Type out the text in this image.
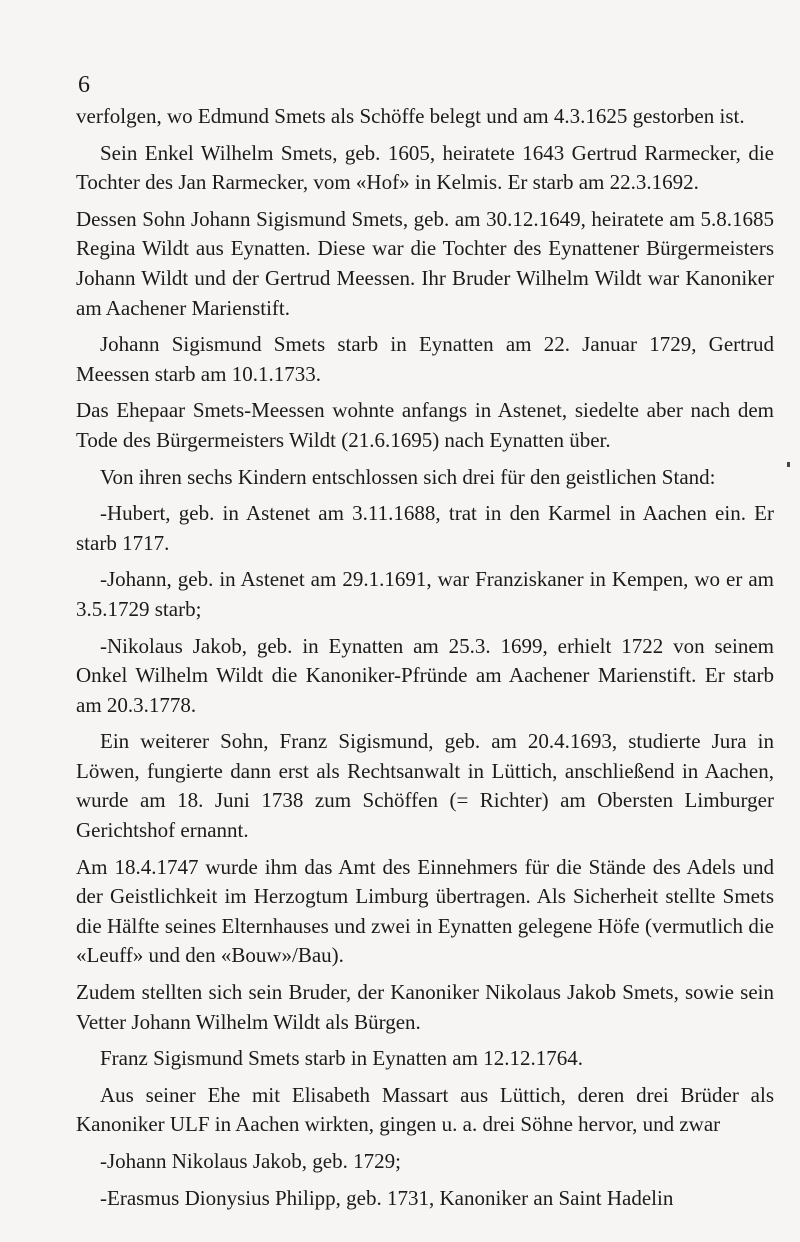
6

verfolgen, wo Edmund Smets als Schöffe belegt und am 4.3.1625 gestorben ist.

Sein Enkel Wilhelm Smets, geb. 1605, heiratete 1643 Gertrud Rarmecker, die Tochter des Jan Rarmecker, vom «Hof» in Kelmis. Er starb am 22.3.1692.

Dessen Sohn Johann Sigismund Smets, geb. am 30.12.1649, heiratete am 5.8.1685 Regina Wildt aus Eynatten. Diese war die Tochter des Eynattener Bürgermeisters Johann Wildt und der Gertrud Meessen. Ihr Bruder Wilhelm Wildt war Kanoniker am Aachener Marienstift.

Johann Sigismund Smets starb in Eynatten am 22. Januar 1729, Gertrud Meessen starb am 10.1.1733.

Das Ehepaar Smets-Meessen wohnte anfangs in Astenet, siedelte aber nach dem Tode des Bürgermeisters Wildt (21.6.1695) nach Eynatten über.

Von ihren sechs Kindern entschlossen sich drei für den geistlichen Stand:

-Hubert, geb. in Astenet am 3.11.1688, trat in den Karmel in Aachen ein. Er starb 1717.

-Johann, geb. in Astenet am 29.1.1691, war Franziskaner in Kempen, wo er am 3.5.1729 starb;

-Nikolaus Jakob, geb. in Eynatten am 25.3. 1699, erhielt 1722 von seinem Onkel Wilhelm Wildt die Kanoniker-Pfründe am Aachener Marienstift. Er starb am 20.3.1778.

Ein weiterer Sohn, Franz Sigismund, geb. am 20.4.1693, studierte Jura in Löwen, fungierte dann erst als Rechtsanwalt in Lüttich, anschließend in Aachen, wurde am 18. Juni 1738 zum Schöffen (= Richter) am Obersten Limburger Gerichtshof ernannt.

Am 18.4.1747 wurde ihm das Amt des Einnehmers für die Stände des Adels und der Geistlichkeit im Herzogtum Limburg übertragen. Als Sicherheit stellte Smets die Hälfte seines Elternhauses und zwei in Eynatten gelegene Höfe (vermutlich die «Leuff» und den «Bouw»/Bau).

Zudem stellten sich sein Bruder, der Kanoniker Nikolaus Jakob Smets, sowie sein Vetter Johann Wilhelm Wildt als Bürgen.

Franz Sigismund Smets starb in Eynatten am 12.12.1764.

Aus seiner Ehe mit Elisabeth Massart aus Lüttich, deren drei Brüder als Kanoniker ULF in Aachen wirkten, gingen u. a. drei Söhne hervor, und zwar

-Johann Nikolaus Jakob, geb. 1729;

-Erasmus Dionysius Philipp, geb. 1731, Kanoniker an Saint Hadelin
